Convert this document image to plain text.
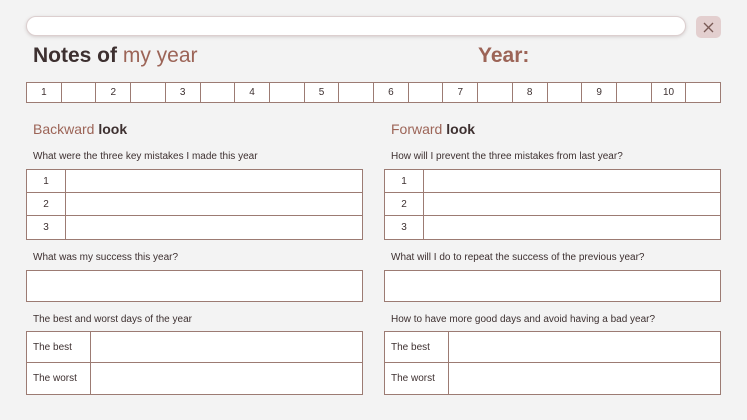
Notes of my year	Year:
1	2	3	4	5	6	7	8	9	10
Backward look
What were the three key mistakes I made this year
1
2
3
What was my success this year?
The best and worst days of the year
The best
The worst
Forward look
How will I prevent the three mistakes from last year?
1
2
3
What will I do to repeat the success of the previous year?
How to have more good days and avoid having a bad year?
The best
The worst
